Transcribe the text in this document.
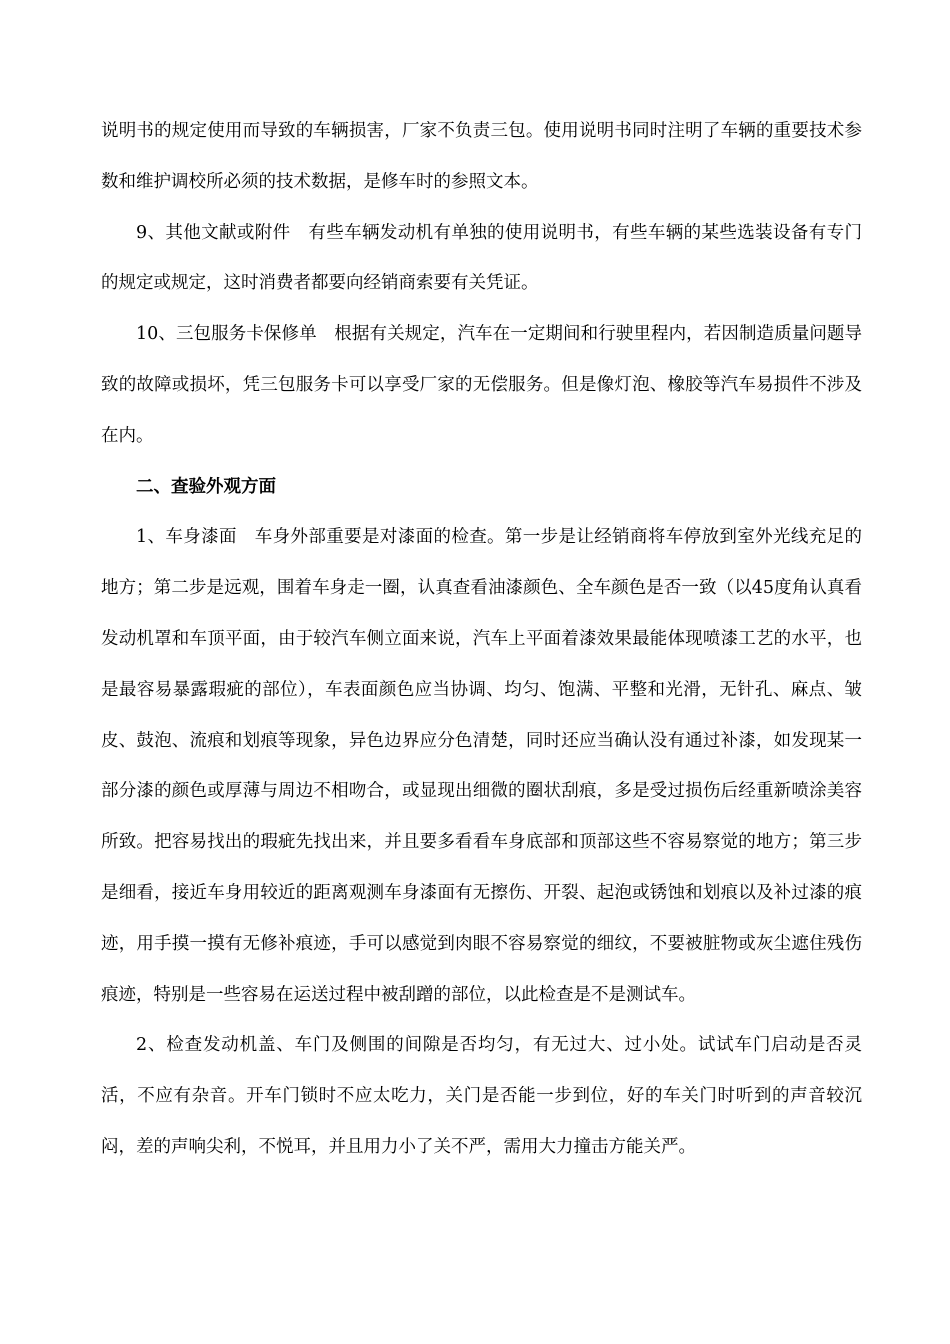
说明书的规定使用而导致的车辆损害，厂家不负责三包。使用说明书同时注明了车辆的重要技术参数和维护调校所必须的技术数据，是修车时的参照文本。

9、其他文献或附件　有些车辆发动机有单独的使用说明书，有些车辆的某些选装设备有专门的规定或规定，这时消费者都要向经销商索要有关凭证。

10、三包服务卡保修单　根据有关规定，汽车在一定期间和行驶里程内，若因制造质量问题导致的故障或损坏，凭三包服务卡可以享受厂家的无偿服务。但是像灯泡、橡胶等汽车易损件不涉及在内。

二、查验外观方面

1、车身漆面　车身外部重要是对漆面的检查。第一步是让经销商将车停放到室外光线充足的地方；第二步是远观，围着车身走一圈，认真查看油漆颜色、全车颜色是否一致（以45度角认真看发动机罩和车顶平面，由于较汽车侧立面来说，汽车上平面着漆效果最能体现喷漆工艺的水平，也是最容易暴露瑕疵的部位），车表面颜色应当协调、均匀、饱满、平整和光滑，无针孔、麻点、皱皮、鼓泡、流痕和划痕等现象，异色边界应分色清楚，同时还应当确认没有通过补漆，如发现某一部分漆的颜色或厚薄与周边不相吻合，或显现出细微的圈状刮痕，多是受过损伤后经重新喷涂美容所致。把容易找出的瑕疵先找出来，并且要多看看车身底部和顶部这些不容易察觉的地方；第三步是细看，接近车身用较近的距离观测车身漆面有无擦伤、开裂、起泡或锈蚀和划痕以及补过漆的痕迹，用手摸一摸有无修补痕迹，手可以感觉到肉眼不容易察觉的细纹，不要被脏物或灰尘遮住残伤痕迹，特别是一些容易在运送过程中被刮蹭的部位，以此检查是不是测试车。

2、检查发动机盖、车门及侧围的间隙是否均匀，有无过大、过小处。试试车门启动是否灵活，不应有杂音。开车门锁时不应太吃力，关门是否能一步到位，好的车关门时听到的声音较沉闷，差的声响尖利，不悦耳，并且用力小了关不严，需用大力撞击方能关严。
